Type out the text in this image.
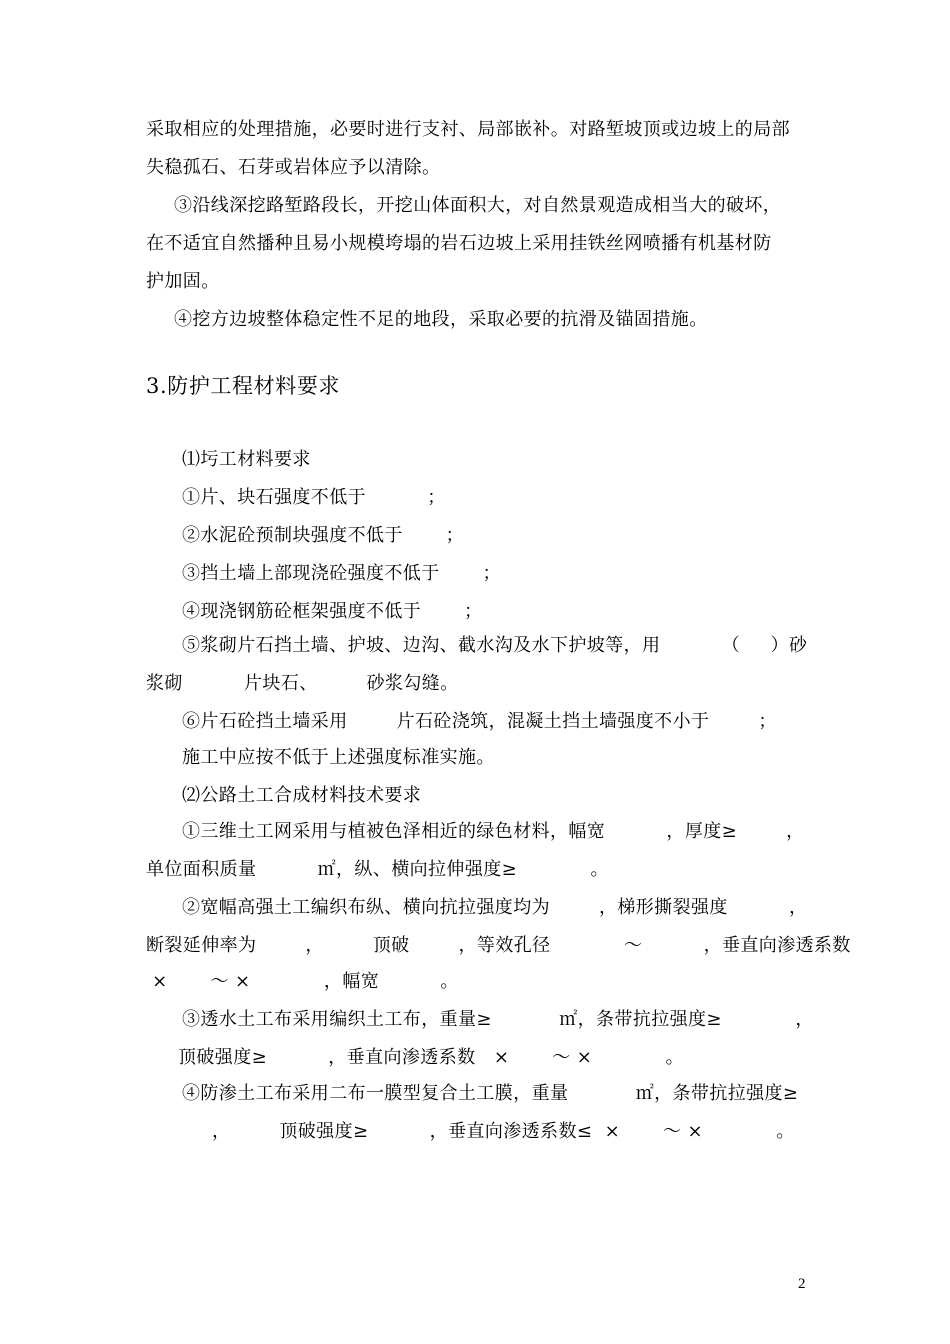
采取相应的处理措施，必要时进行支衬、局部嵌补。对路堑坡顶或边坡上的局部
失稳孤石、石芽或岩体应予以清除。
③沿线深挖路堑路段长，开挖山体面积大，对自然景观造成相当大的破坏，
在不适宜自然播种且易小规模垮塌的岩石边坡上采用挂铁丝网喷播有机基材防
护加固。
④挖方边坡整体稳定性不足的地段，采取必要的抗滑及锚固措施。
3.防护工程材料要求
⑴圬工材料要求
①片、块石强度不低于          ；
②水泥砼预制块强度不低于       ；
③挡土墙上部现浇砼强度不低于       ；
④现浇钢筋砼框架强度不低于       ；
⑤浆砌片石挡土墙、护坡、边沟、截水沟及水下护坡等，用          （     ）砂
浆砌          片块石、        砂浆勾缝。
⑥片石砼挡土墙采用        片石砼浇筑，混凝土挡土墙强度不小于        ；
施工中应按不低于上述强度标准实施。
⑵公路土工合成材料技术要求
①三维土工网采用与植被色泽相近的绿色材料，幅宽          ，厚度≥        ，
单位面积质量          ㎡，纵、横向拉伸强度≥            。
②宽幅高强土工编织布纵、横向抗拉强度均为        ，梯形撕裂强度          ，
断裂延伸率为        ，        顶破        ，等效孔径            ～          ，垂直向渗透系数
×       ～ ×            ，幅宽          。
③透水土工布采用编织土工布，重量≥           ㎡，条带抗拉强度≥            ，
顶破强度≥          ，垂直向渗透系数   ×       ～ ×            。
④防渗土工布采用二布一膜型复合土工膜，重量           ㎡，条带抗拉强度≥
，        顶破强度≥          ，垂直向渗透系数≤  ×       ～ ×            。
2
